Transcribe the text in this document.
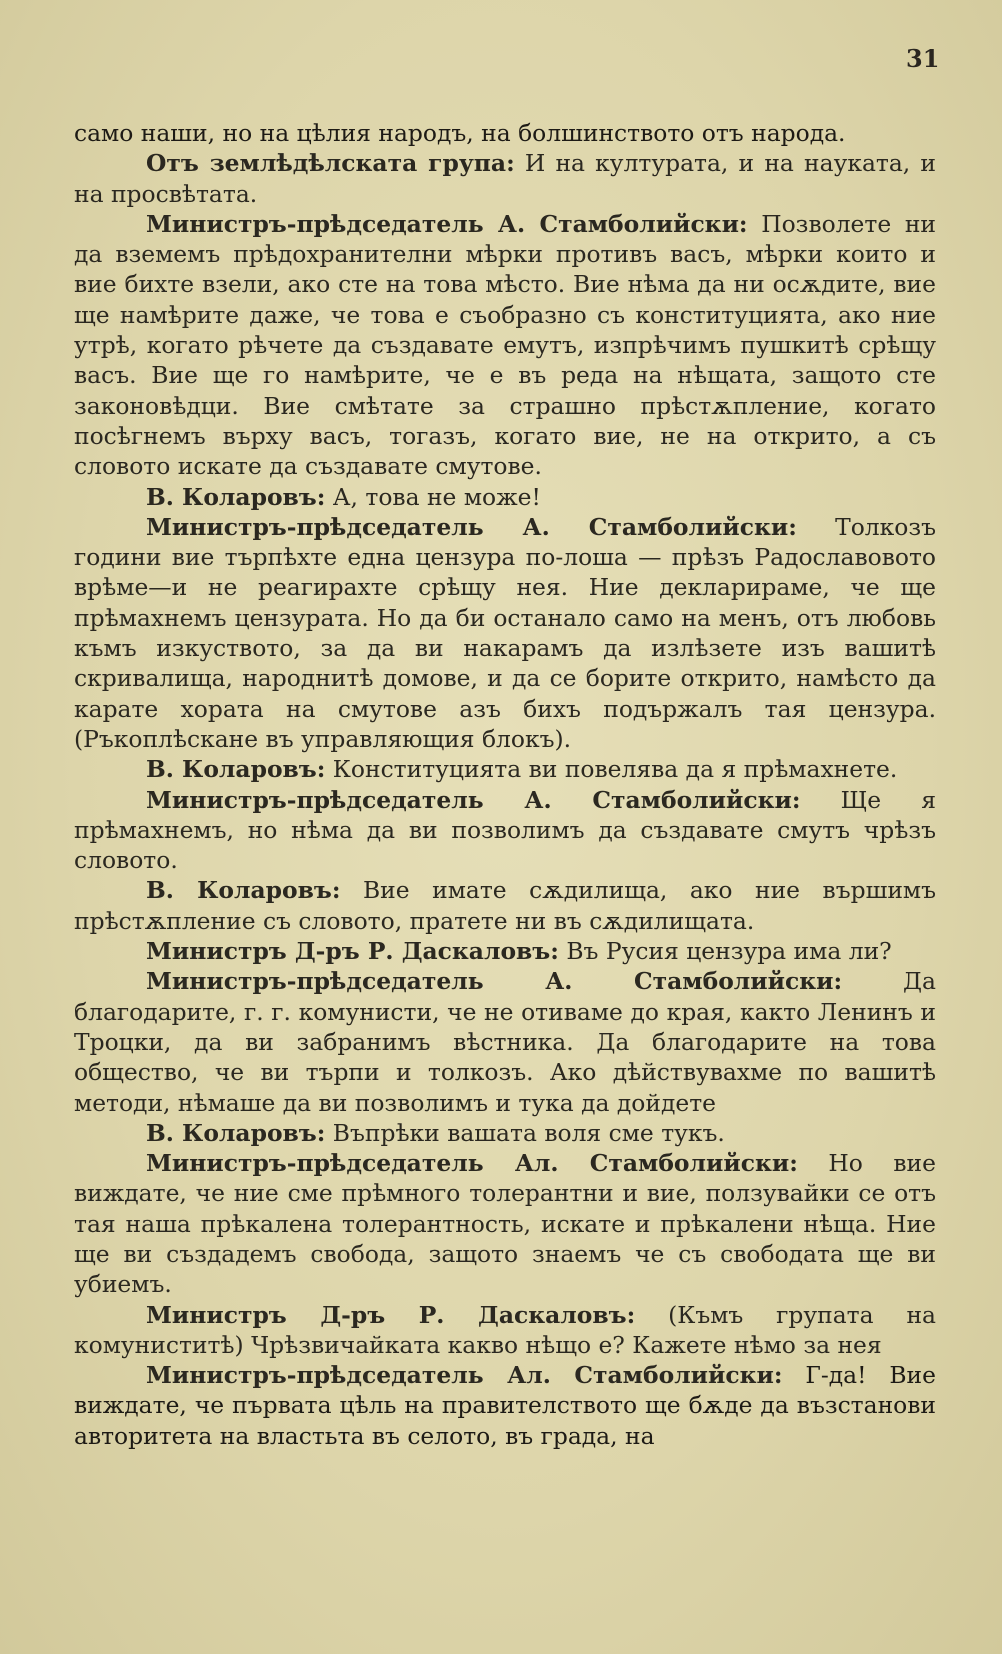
31

само наши, но на цѣлия народъ, на болшинството отъ народа.

Отъ землѣдѣлската група: И на културата, и на науката, и на просвѣтата.

Министръ-прѣдседатель А. Стамболийски: Позволете ни да вземемъ прѣдохранителни мѣрки противъ васъ, мѣрки които и вие бихте взели, ако сте на това мѣсто. Вие нѣма да ни осѫдите, вие ще намѣрите даже, че това е съобразно съ конституцията, ако ние утрѣ, когато рѣчете да създавате емутъ, изпрѣчимъ пушкитѣ срѣщу васъ. Вие ще го намѣрите, че е въ реда на нѣщата, защото сте законовѣдци. Вие смѣтате за страшно прѣстѫпление, когато посѣгнемъ върху васъ, тогазъ, когато вие, не на открито, а съ словото искате да създавате смутове.

В. Коларовъ: А, това не може!

Министръ-прѣдседатель А. Стамболийски: Толкозъ години вие търпѣхте една цензура по-лоша — прѣзъ Радославовото врѣме—и не реагирахте срѣщу нея. Ние декларираме, че ще прѣмахнемъ цензурата. Но да би останало само на менъ, отъ любовь къмъ изкуството, за да ви накарамъ да излѣзете изъ вашитѣ скривалища, народнитѣ домове, и да се борите открито, намѣсто да карате хората на смутове азъ бихъ подържалъ тая цензура. (Ръкоплѣскане въ управляющия блокъ).

В. Коларовъ: Конституцията ви повелява да я прѣмахнете.

Министръ-прѣдседатель А. Стамболийски: Ще я прѣмахнемъ, но нѣма да ви позволимъ да създавате смутъ чрѣзъ словото.

В. Коларовъ: Вие имате сѫдилища, ако ние вършимъ прѣстѫпление съ словото, пратете ни въ сѫдилищата.

Министръ Д-ръ Р. Даскаловъ: Въ Русия цензура има ли?

Министръ-прѣдседатель А. Стамболийски: Да благодарите, г. г. комунисти, че не отиваме до края, както Ленинъ и Троцки, да ви забранимъ вѣстника. Да благодарите на това общество, че ви търпи и толкозъ. Ако дѣйствувахме по вашитѣ методи, нѣмаше да ви позволимъ и тука да дойдете

В. Коларовъ: Въпрѣки вашата воля сме тукъ.

Министръ-прѣдседатель Ал. Стамболийски: Но вие виждате, че ние сме прѣмного толерантни и вие, ползувайки се отъ тая наша прѣкалена толерантность, искате и прѣкалени нѣща. Ние ще ви създадемъ свобода, защото знаемъ че съ свободата ще ви убиемъ.

Министръ Д-ръ Р. Даскаловъ: (Къмъ групата на комуниститѣ) Чрѣзвичайката какво нѣщо е? Кажете нѣмо за нея

Министръ-прѣдседатель Ал. Стамболийски: Г-да! Вие виждате, че първата цѣль на правителството ще бѫде да възстанови авторитета на властьта въ селото, въ града, на
